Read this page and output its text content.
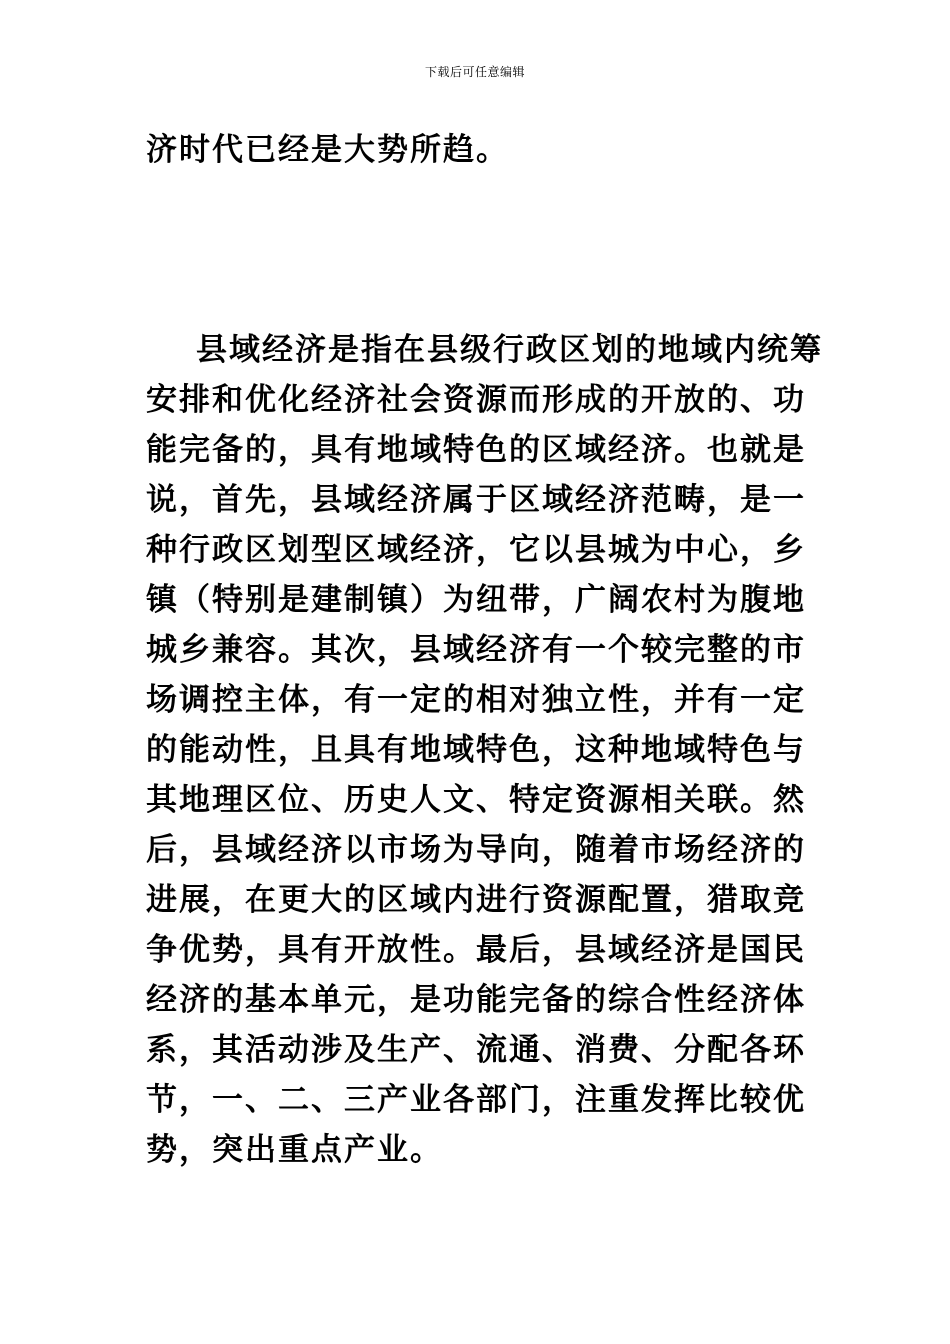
下载后可任意编辑
济时代已经是大势所趋。
县域经济是指在县级行政区划的地域内统筹
安排和优化经济社会资源而形成的开放的、功
能完备的，具有地域特色的区域经济。也就是
说，首先，县域经济属于区域经济范畴，是一
种行政区划型区域经济，它以县城为中心，乡
镇（特别是建制镇）为纽带，广阔农村为腹地
城乡兼容。其次，县域经济有一个较完整的市
场调控主体，有一定的相对独立性，并有一定
的能动性，且具有地域特色，这种地域特色与
其地理区位、历史人文、特定资源相关联。然
后，县域经济以市场为导向，随着市场经济的
进展，在更大的区域内进行资源配置，猎取竞
争优势，具有开放性。最后，县域经济是国民
经济的基本单元，是功能完备的综合性经济体
系，其活动涉及生产、流通、消费、分配各环
节，一、二、三产业各部门，注重发挥比较优
势，突出重点产业。
